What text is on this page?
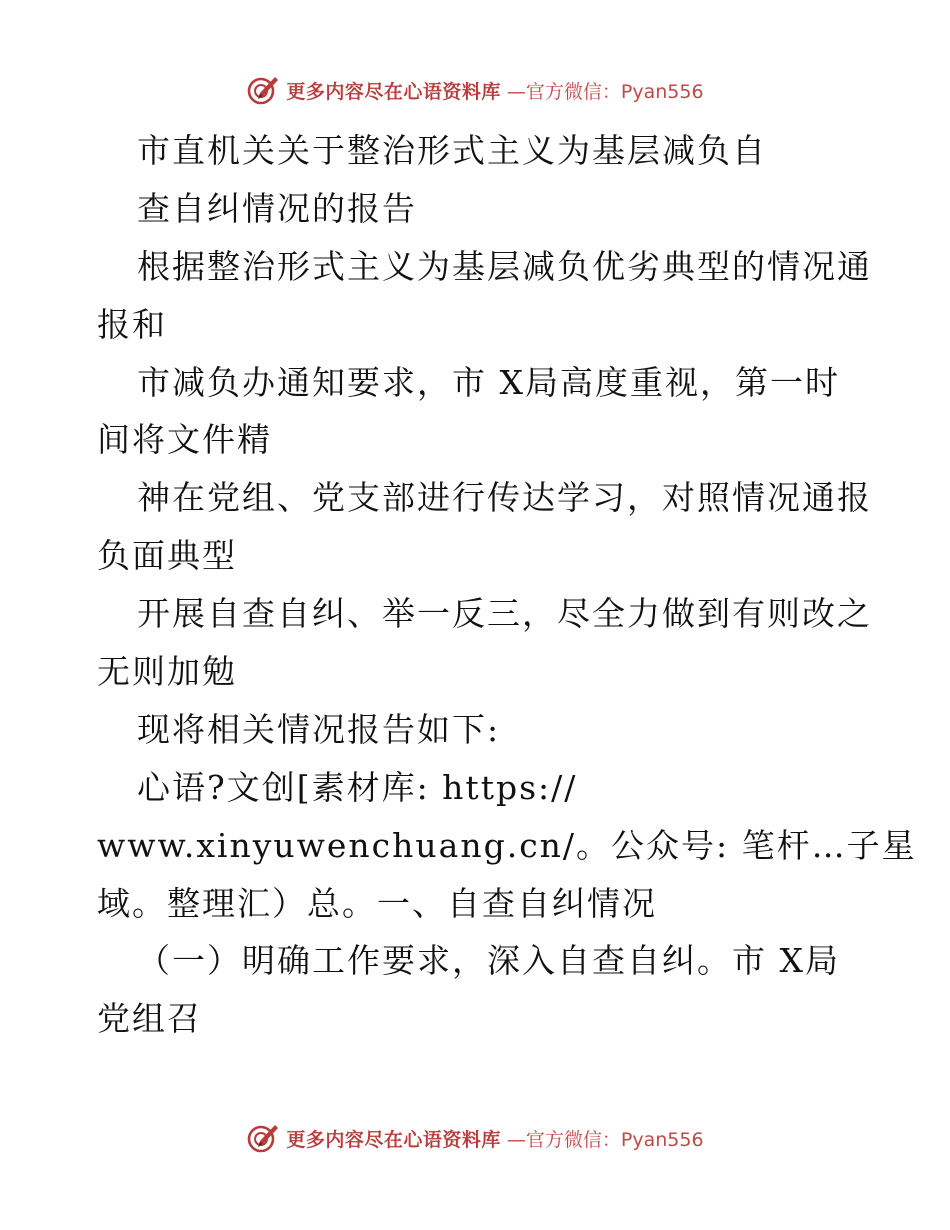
更多内容尽在心语资料库 —官方微信：Pyan556
市直机关关于整治形式主义为基层减负自
查自纠情况的报告
根据整治形式主义为基层减负优劣典型的情况通
报和
市减负办通知要求，市 X局高度重视，第一时
间将文件精
神在党组、党支部进行传达学习，对照情况通报
负面典型
开展自查自纠、举一反三，尽全力做到有则改之
无则加勉
现将相关情况报告如下:
心语?文创[素材库: https://
www.xinyuwenchuang.cn/。公众号: 笔杆…子星
域。整理汇）总。一、自查自纠情况
（一）明确工作要求，深入自查自纠。市 X局
党组召
更多内容尽在心语资料库 —官方微信：Pyan556
